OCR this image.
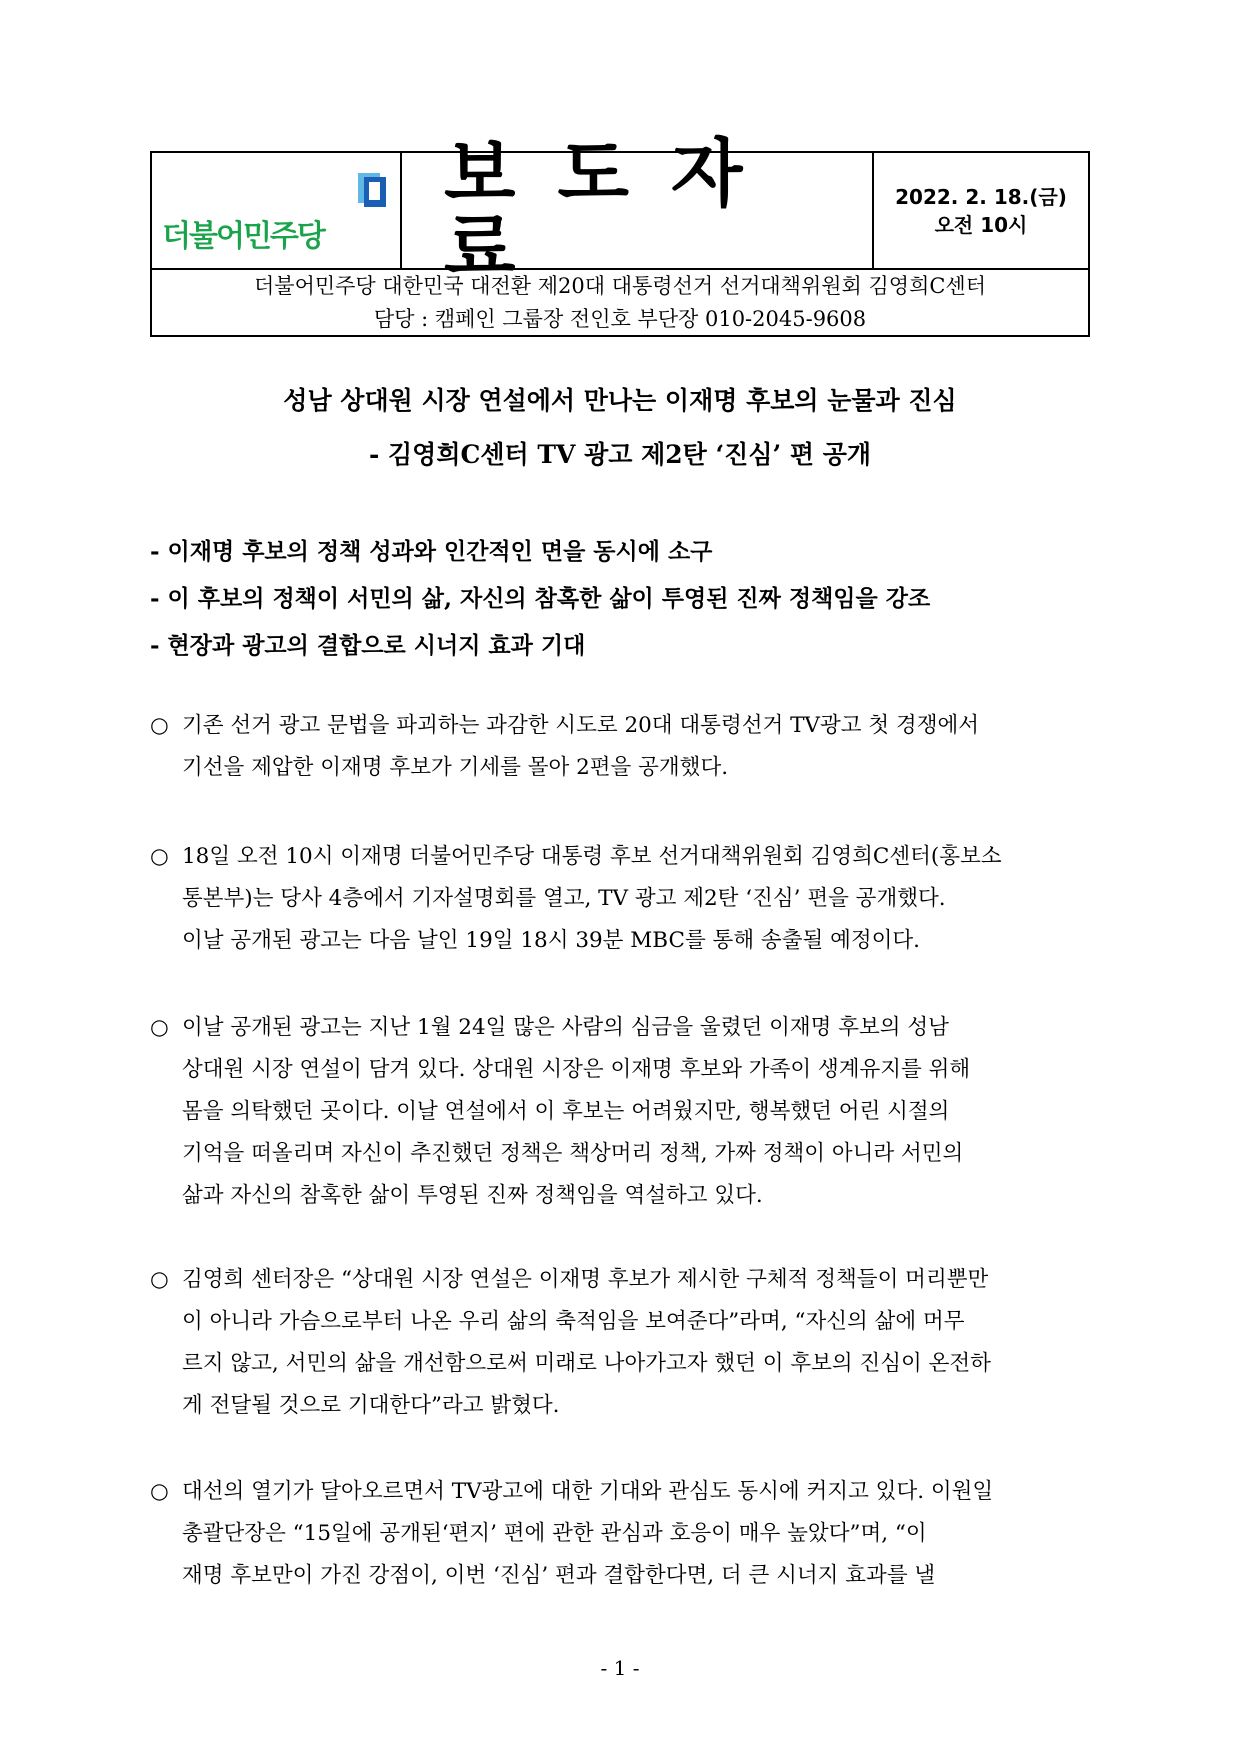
더불어민주당
보도자료
2022. 2. 18.(금)
오전 10시
더불어민주당 대한민국 대전환 제20대 대통령선거 선거대책위원회 김영희C센터
담당 : 캠페인 그룹장 전인호 부단장 010-2045-9608
성남 상대원 시장 연설에서 만나는 이재명 후보의 눈물과 진심
- 김영희C센터 TV 광고 제2탄 ‘진심’ 편 공개
- 이재명 후보의 정책 성과와 인간적인 면을 동시에 소구
- 이 후보의 정책이 서민의 삶, 자신의 참혹한 삶이 투영된 진짜 정책임을 강조
- 현장과 광고의 결합으로 시너지 효과 기대
○ 기존 선거 광고 문법을 파괴하는 과감한 시도로 20대 대통령선거 TV광고 첫 경쟁에서
기선을 제압한 이재명 후보가 기세를 몰아 2편을 공개했다.
○ 18일 오전 10시 이재명 더불어민주당 대통령 후보 선거대책위원회 김영희C센터(홍보소
통본부)는 당사 4층에서 기자설명회를 열고, TV 광고 제2탄 ‘진심’ 편을 공개했다.
이날 공개된 광고는 다음 날인 19일 18시 39분 MBC를 통해 송출될 예정이다.
○ 이날 공개된 광고는 지난 1월 24일 많은 사람의 심금을 울렸던 이재명 후보의 성남
상대원 시장 연설이 담겨 있다. 상대원 시장은 이재명 후보와 가족이 생계유지를 위해
몸을 의탁했던 곳이다. 이날 연설에서 이 후보는 어려웠지만, 행복했던 어린 시절의
기억을 떠올리며 자신이 추진했던 정책은 책상머리 정책, 가짜 정책이 아니라 서민의
삶과 자신의 참혹한 삶이 투영된 진짜 정책임을 역설하고 있다.
○ 김영희 센터장은 “상대원 시장 연설은 이재명 후보가 제시한 구체적 정책들이 머리뿐만
이 아니라 가슴으로부터 나온 우리 삶의 축적임을 보여준다”라며, “자신의 삶에 머무
르지 않고, 서민의 삶을 개선함으로써 미래로 나아가고자 했던 이 후보의 진심이 온전하
게 전달될 것으로 기대한다”라고 밝혔다.
○ 대선의 열기가 달아오르면서 TV광고에 대한 기대와 관심도 동시에 커지고 있다. 이원일
총괄단장은 “15일에 공개된‘편지’ 편에 관한 관심과 호응이 매우 높았다”며, “이
재명 후보만이 가진 강점이, 이번 ‘진심’ 편과 결합한다면, 더 큰 시너지 효과를 낼
- 1 -
